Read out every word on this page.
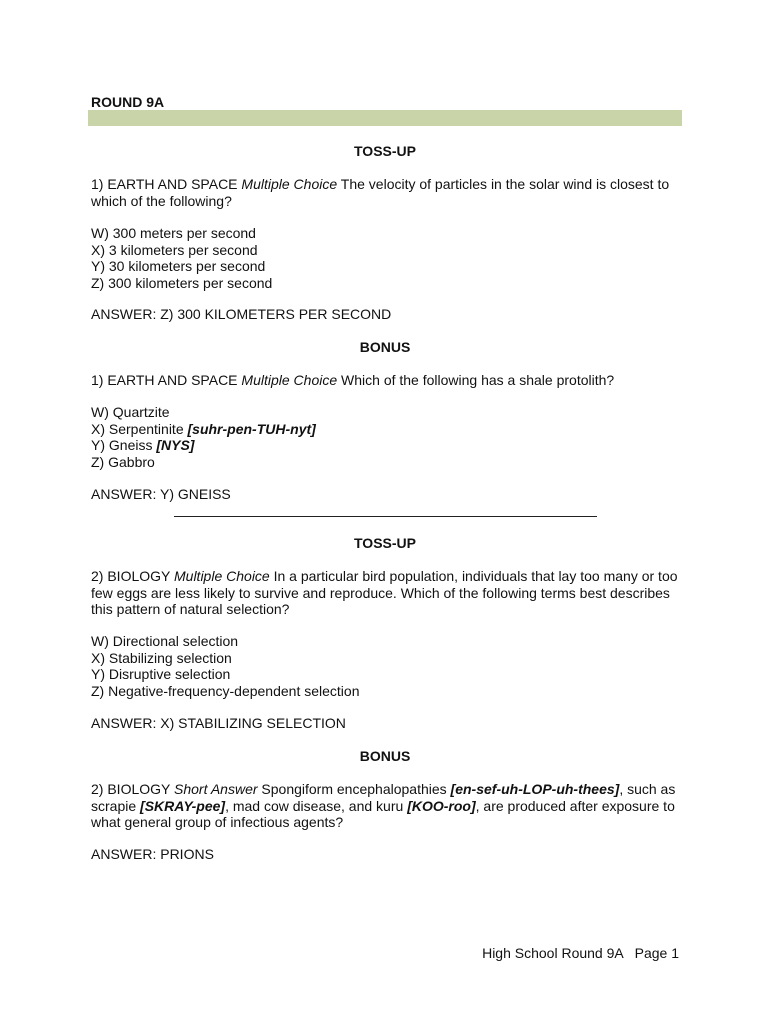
ROUND 9A
TOSS-UP
1) EARTH AND SPACE Multiple Choice The velocity of particles in the solar wind is closest to
which of the following?
W) 300 meters per second
X) 3 kilometers per second
Y) 30 kilometers per second
Z) 300 kilometers per second
ANSWER: Z) 300 KILOMETERS PER SECOND
BONUS
1) EARTH AND SPACE Multiple Choice Which of the following has a shale protolith?
W) Quartzite
X) Serpentinite [suhr-pen-TUH-nyt]
Y) Gneiss [NYS]
Z) Gabbro
ANSWER: Y) GNEISS
TOSS-UP
2) BIOLOGY Multiple Choice In a particular bird population, individuals that lay too many or too
few eggs are less likely to survive and reproduce. Which of the following terms best describes
this pattern of natural selection?
W) Directional selection
X) Stabilizing selection
Y) Disruptive selection
Z) Negative-frequency-dependent selection
ANSWER: X) STABILIZING SELECTION
BONUS
2) BIOLOGY Short Answer Spongiform encephalopathies [en-sef-uh-LOP-uh-thees], such as
scrapie [SKRAY-pee], mad cow disease, and kuru [KOO-roo], are produced after exposure to
what general group of infectious agents?
ANSWER: PRIONS
High School Round 9A   Page 1
